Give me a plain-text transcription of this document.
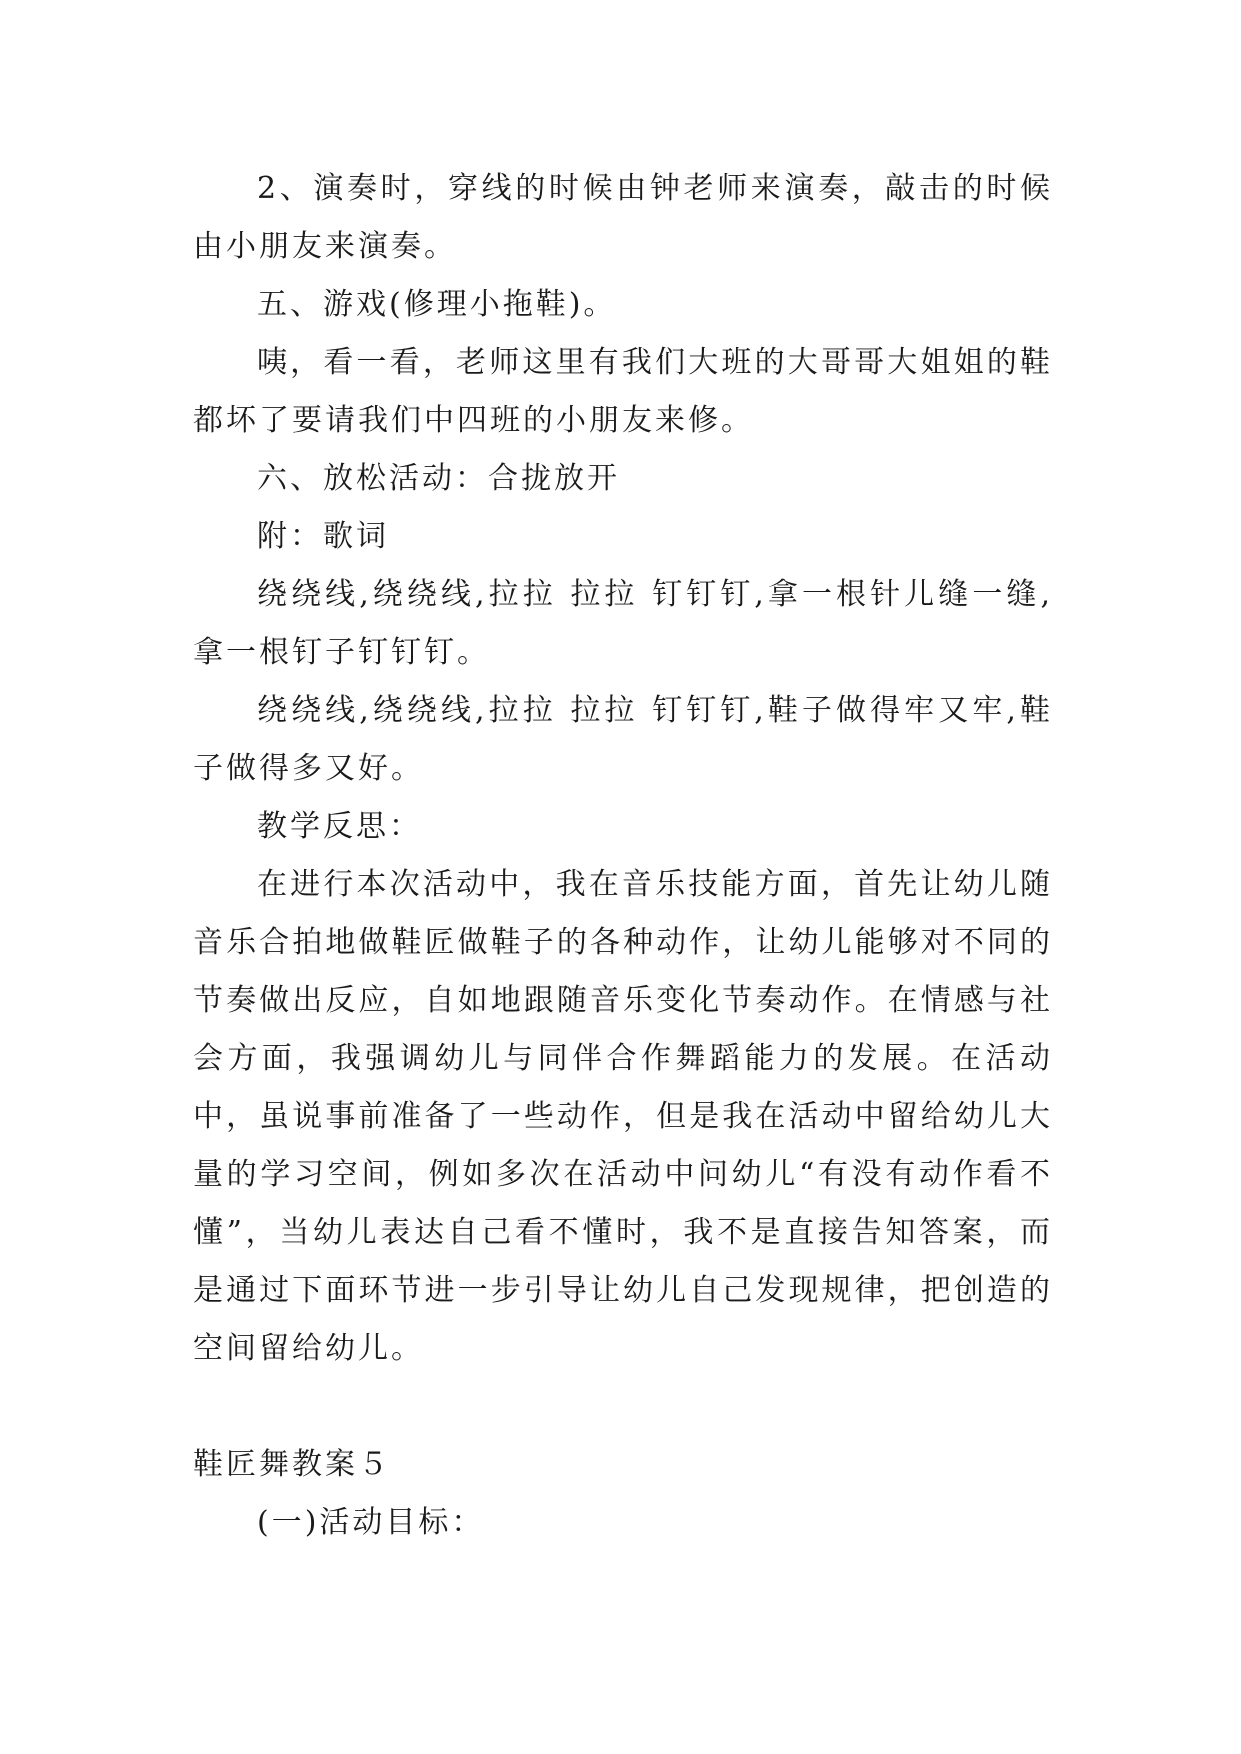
2、演奏时，穿线的时候由钟老师来演奏，敲击的时候由小朋友来演奏。

五、游戏(修理小拖鞋)。

咦，看一看，老师这里有我们大班的大哥哥大姐姐的鞋都坏了要请我们中四班的小朋友来修。

六、放松活动：合拢放开

附：歌词

绕绕线,绕绕线,拉拉 拉拉 钉钉钉,拿一根针儿缝一缝,拿一根钉子钉钉钉。

绕绕线,绕绕线,拉拉 拉拉 钉钉钉,鞋子做得牢又牢,鞋子做得多又好。

教学反思：

在进行本次活动中，我在音乐技能方面，首先让幼儿随音乐合拍地做鞋匠做鞋子的各种动作，让幼儿能够对不同的节奏做出反应，自如地跟随音乐变化节奏动作。在情感与社会方面，我强调幼儿与同伴合作舞蹈能力的发展。在活动中，虽说事前准备了一些动作，但是我在活动中留给幼儿大量的学习空间，例如多次在活动中问幼儿“有没有动作看不懂”，当幼儿表达自己看不懂时，我不是直接告知答案，而是通过下面环节进一步引导让幼儿自己发现规律，把创造的空间留给幼儿。

鞋匠舞教案５

(一)活动目标：
